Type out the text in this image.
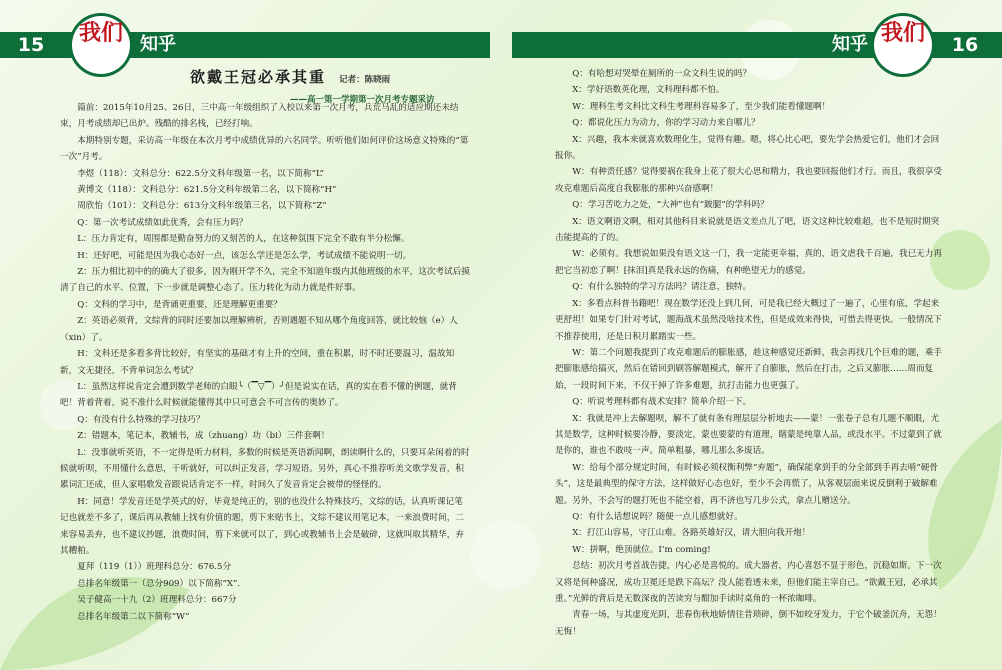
15	我们 知乎	知乎 我们	16
欲戴王冠必承其重 记者：陈晓雨
——高一第一学期第一次月考专题采访

篇前：2015年10月25、26日，三中高一年级组织了入校以来第一次月考，兵荒马乱的适应期还未结束，月考成绩却已出炉。残酷的排名栈，已经打响。

本期特别专题，采访高一年级在本次月考中成绩优异的六名同学。听听他们如何评价这场意义特殊的“第一次”月考。

李煜（118）：文科总分：622.5分文科年级第一名，以下简称“L”

黄博文（118）：文科总分：621.5分文科年级第二名，以下简称“H”

周欣怡（101）：文科总分：613分文科年级第三名，以下简称“Z”

Q：第一次考试成绩如此优秀，会有压力吗？

L：压力肯定有，周围都是勤奋努力的又刻苦的人，在这种氛围下完全不敢有半分松懈。

H：还好吧，可能是因为我心态好一点，该怎么学还是怎么学，考试成绩不能说明一切。

Z：压力相比初中的的确大了很多，因为刚开学不久，完全不知道年级内其他班级的水平，这次考试后摸清了自己的水平、位置，下一步就是调整心态了。压力转化为动力就是件好事。

Q：文科的学习中，是背诵更重要，还是理解更重要？

Z：英语必须背，文综背的同时还要加以理解辨析，否则遇题不知从哪个角度回答，就比较恼（e）人（xin）了。

H：文科还是多看多背比较好，有坚实的基础才有上升的空间，重在积累，时不时还要温习，温故知新，文无捷径，不背单词怎么考试？

L：虽然这样说肯定会遭到数学老师的白眼╰（▔▽▔）╯但是说实在话，真的实在看不懂的例题，就背吧！背着背着，说不准什么时候就能懂得其中只可意会不可言传的奥妙了。

Q：有没有什么特殊的学习技巧？

Z：错题本，笔记本，教辅书，成（zhuang）功（bi）三件套啊！

L：没事就听英语，不一定得是听力材料，多数的时候是英语新闻啊，朗读啊什么的，只要耳朵闲着的时候就听呗，不用懂什么意思，干听就好，可以纠正发音，学习短语。另外，真心不推荐听美文歌学发音，积累词汇还成，但人家唱歌发音跟说话肯定不一样，时间久了发音肯定会被带的怪怪的。

H：同意！学发音还是学英式的好，毕竟是纯正的，别的也没什么特殊技巧，文综的话，认真听课记笔记也就差不多了，课后再从教辅上找有价值的题，剪下来贴书上，文综不建议用笔记本，一来浪费时间，二来容易丢弃，也不建议抄题，浪费时间，剪下来就可以了，到心或教辅书上会是破碎，这就叫取其精华，弃其糟粕。

夏拜（119（1））班理科总分：676.5分

总排名年级第一（总分909）以下简称“X”.

吴子健高一十九（2）班理科总分：667分

总排名年级第二以下简称“W”

Q：有哈想对哭晕在厕所的一众文科生说的吗？

X：学好语数英化理，文科理科都不怕。

W：理科生考文科比文科生考理科容易多了，至少我们能看懂题啊！

Q：都说化压力为动力，你的学习动力来自哪儿？

X：兴趣，我本来就喜欢数理化生，觉得有趣。嗯，将心比心吧，要先学会热爱它们，他们才会回报你。

W：有种责任感？觉得要祸在我身上花了很大心思和精力，我也要回报他们才行。而且，我很享受攻克难题后高度自我膨胀的那种兴奋感啊！

Q：学习苦吃力之处，“大神”也有“跛腿”的学科吗？

X：语文啊语文啊，相对其他科目来说就是语文差点儿了吧，语文这种比较难超，也不是短时期突击能提高的了的。

W：必须有。我想说如果没有语文这一门，我一定能更幸福，真的，语文虐我千百遍，我已无力再把它当初恋了啊！[抹泪]真是我永远的伤痛，有种绝望无力的感觉。

Q：有什么独特的学习方法吗？请注意，独特。

X：多看点科普书籍吧！现在数学还没上到几何，可是我已经大概过了一遍了，心里有底，学起来更舒坦！如果专门针对考试，题海战术虽然没啥技术性，但是成效来得快，可惜去得更快。一般情况下不推荐使用，还是日积月累踏实一些。

W：第二个问题我提到了攻克难题后的膨胀感，趁这种感觉还新鲜，我会再找几个巨难的题，乘手把膨胀感给搞灭，然后在错回到刷答解题模式，解开了自膨胀，然后在打击，之后又膨胀……周而复始，一段时间下来，不仅干掉了许多难题，抗打击能力也更强了。

Q：听说考理科都有战术安排？简单介绍一下。

X：我就是冲上去解题呗，解不了就有条有理层层分析地去——蒙！一张卷子总有几题不顺眼，尤其是数学，这种时候要冷静，要淡定，蒙也要蒙的有道理，瞎蒙是纯靠人品，或没水平。不过蒙到了就是你的，谁也不敢吱一声。简单粗暴，哪儿那么多废话。

W：给每个部分规定时间，有时候必须权衡利弊“弃题”，确保能拿到手的分全部到手再去啃“硬骨头”，这是最典型的保守方法，这样做好心态也好，至少不会再慌了，从客观层面来说反倒利于破解难题。另外，不会写的题打死也不能空着，再不济也写几步公式，拿点儿赠送分。

Q：有什么话想说吗？随便一点儿感想就好。

X：打江山容易，守江山难。各路英雄好汉，请大胆向我开炮！

W：拼啊，绝顶就位。I’m coming!

总结：初次月考首战告捷，内心必是喜悦的。成大器者，内心喜怒不显于形色，沉稳如斯。下一次又将是何种盛况，成功卫冕还是跌下高坛？没人能看透未来，但他们能主宰自己。“欲戴王冠，必承其重。”光鲜的背后是无数深夜的苦读穷与酣加手读时桌角的一杯浓咖啡。

青春一场，与其虚度光阴，悲春伤秋地娇情往昔琐碎，倒不如咬牙发力，于它个破釜沉舟，无怨！无悔！
